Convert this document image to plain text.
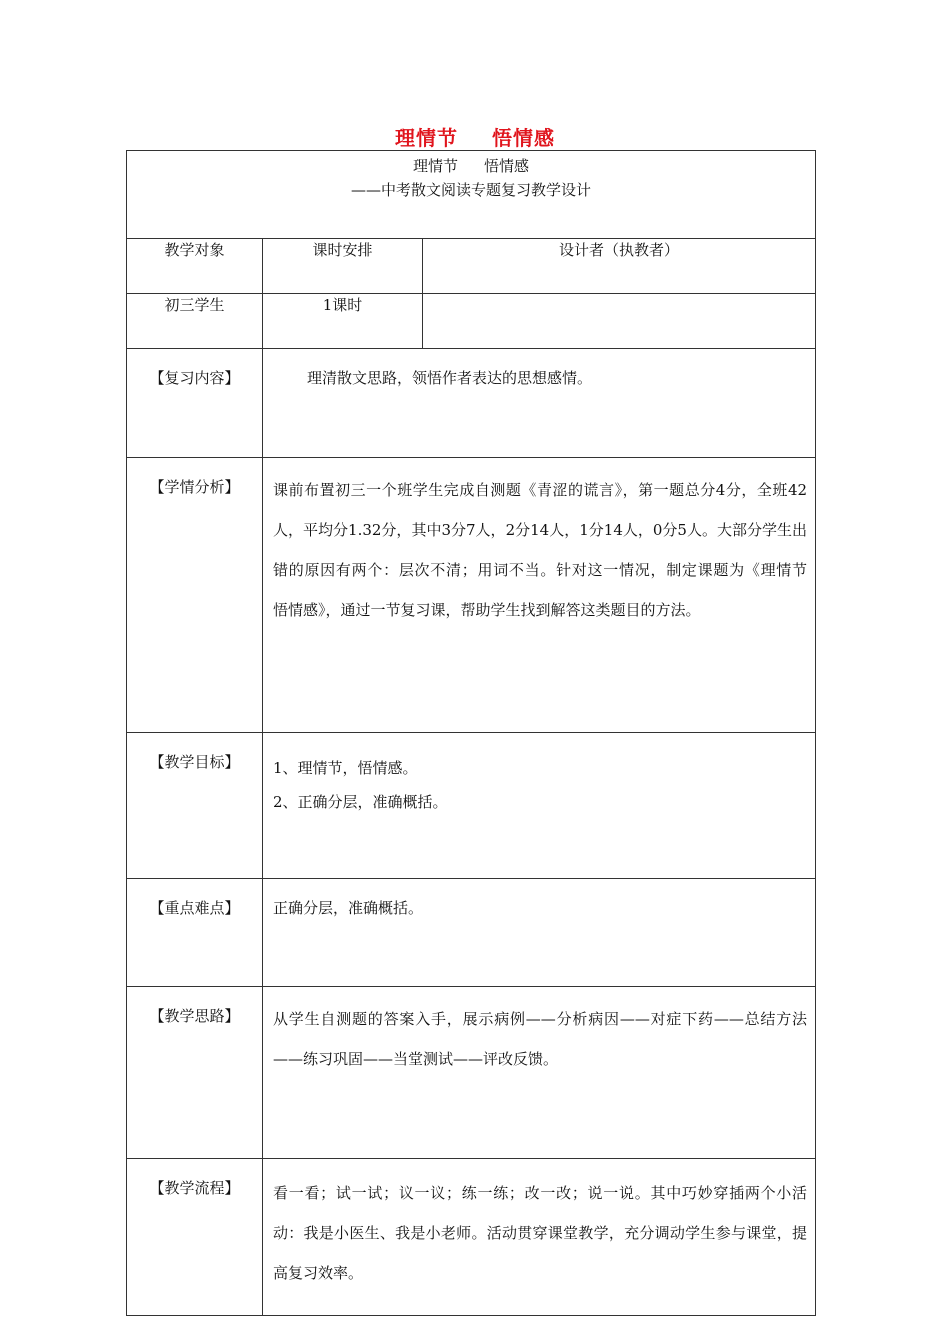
理情节 悟情感
理情节 悟情感
——中考散文阅读专题复习教学设计		

教学对象	课时安排	设计者（执教者）
初三学生	1课时	
【复习内容】	理清散文思路，领悟作者表达的思想感情。	
【学情分析】	课前布置初三一个班学生完成自测题《青涩的谎言》，第一题总分4分，全班42人，平均分1.32分，其中3分7人，2分14人，1分14人，0分5人。大部分学生出错的原因有两个：层次不清；用词不当。针对这一情况，制定课题为《理情节　悟情感》，通过一节复习课，帮助学生找到解答这类题目的方法。	
【教学目标】	1、理情节，悟情感。
2、正确分层，准确概括。	

【重点难点】	正确分层，准确概括。	
【教学思路】	从学生自测题的答案入手，展示病例——分析病因——对症下药——总结方法——练习巩固——当堂测试——评改反馈。	
【教学流程】	看一看；试一试；议一议；练一练；改一改；说一说。其中巧妙穿插两个小活动：我是小医生、我是小老师。活动贯穿课堂教学，充分调动学生参与课堂，提高复习效率。	
